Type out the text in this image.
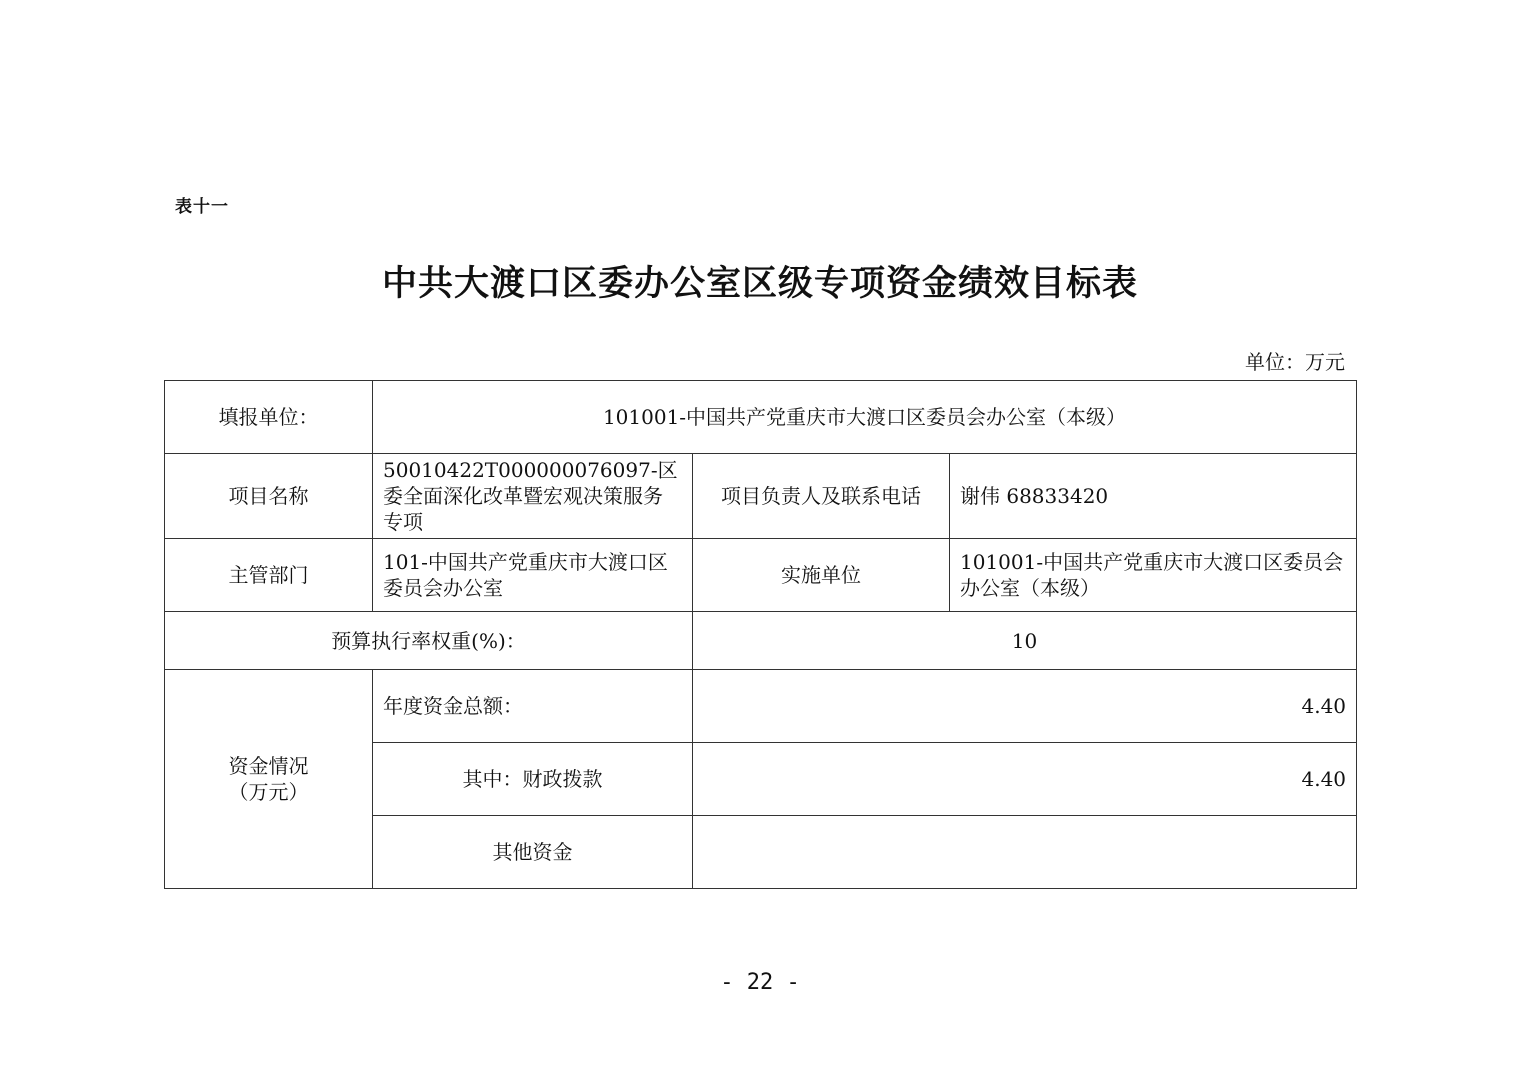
表十一
中共大渡口区委办公室区级专项资金绩效目标表
单位：万元
填报单位：	101001-中国共产党重庆市大渡口区委员会办公室（本级）		
项目名称	50010422T000000076097-区委全面深化改革暨宏观决策服务专项	项目负责人及联系电话	谢伟 68833420
主管部门	101-中国共产党重庆市大渡口区委员会办公室	实施单位	101001-中国共产党重庆市大渡口区委员会办公室（本级）
预算执行率权重(%)：		10	

资金情况
（万元）	年度资金总额：	4.40	
	其中：财政拨款	4.40	
	其他资金		
- 22 -
